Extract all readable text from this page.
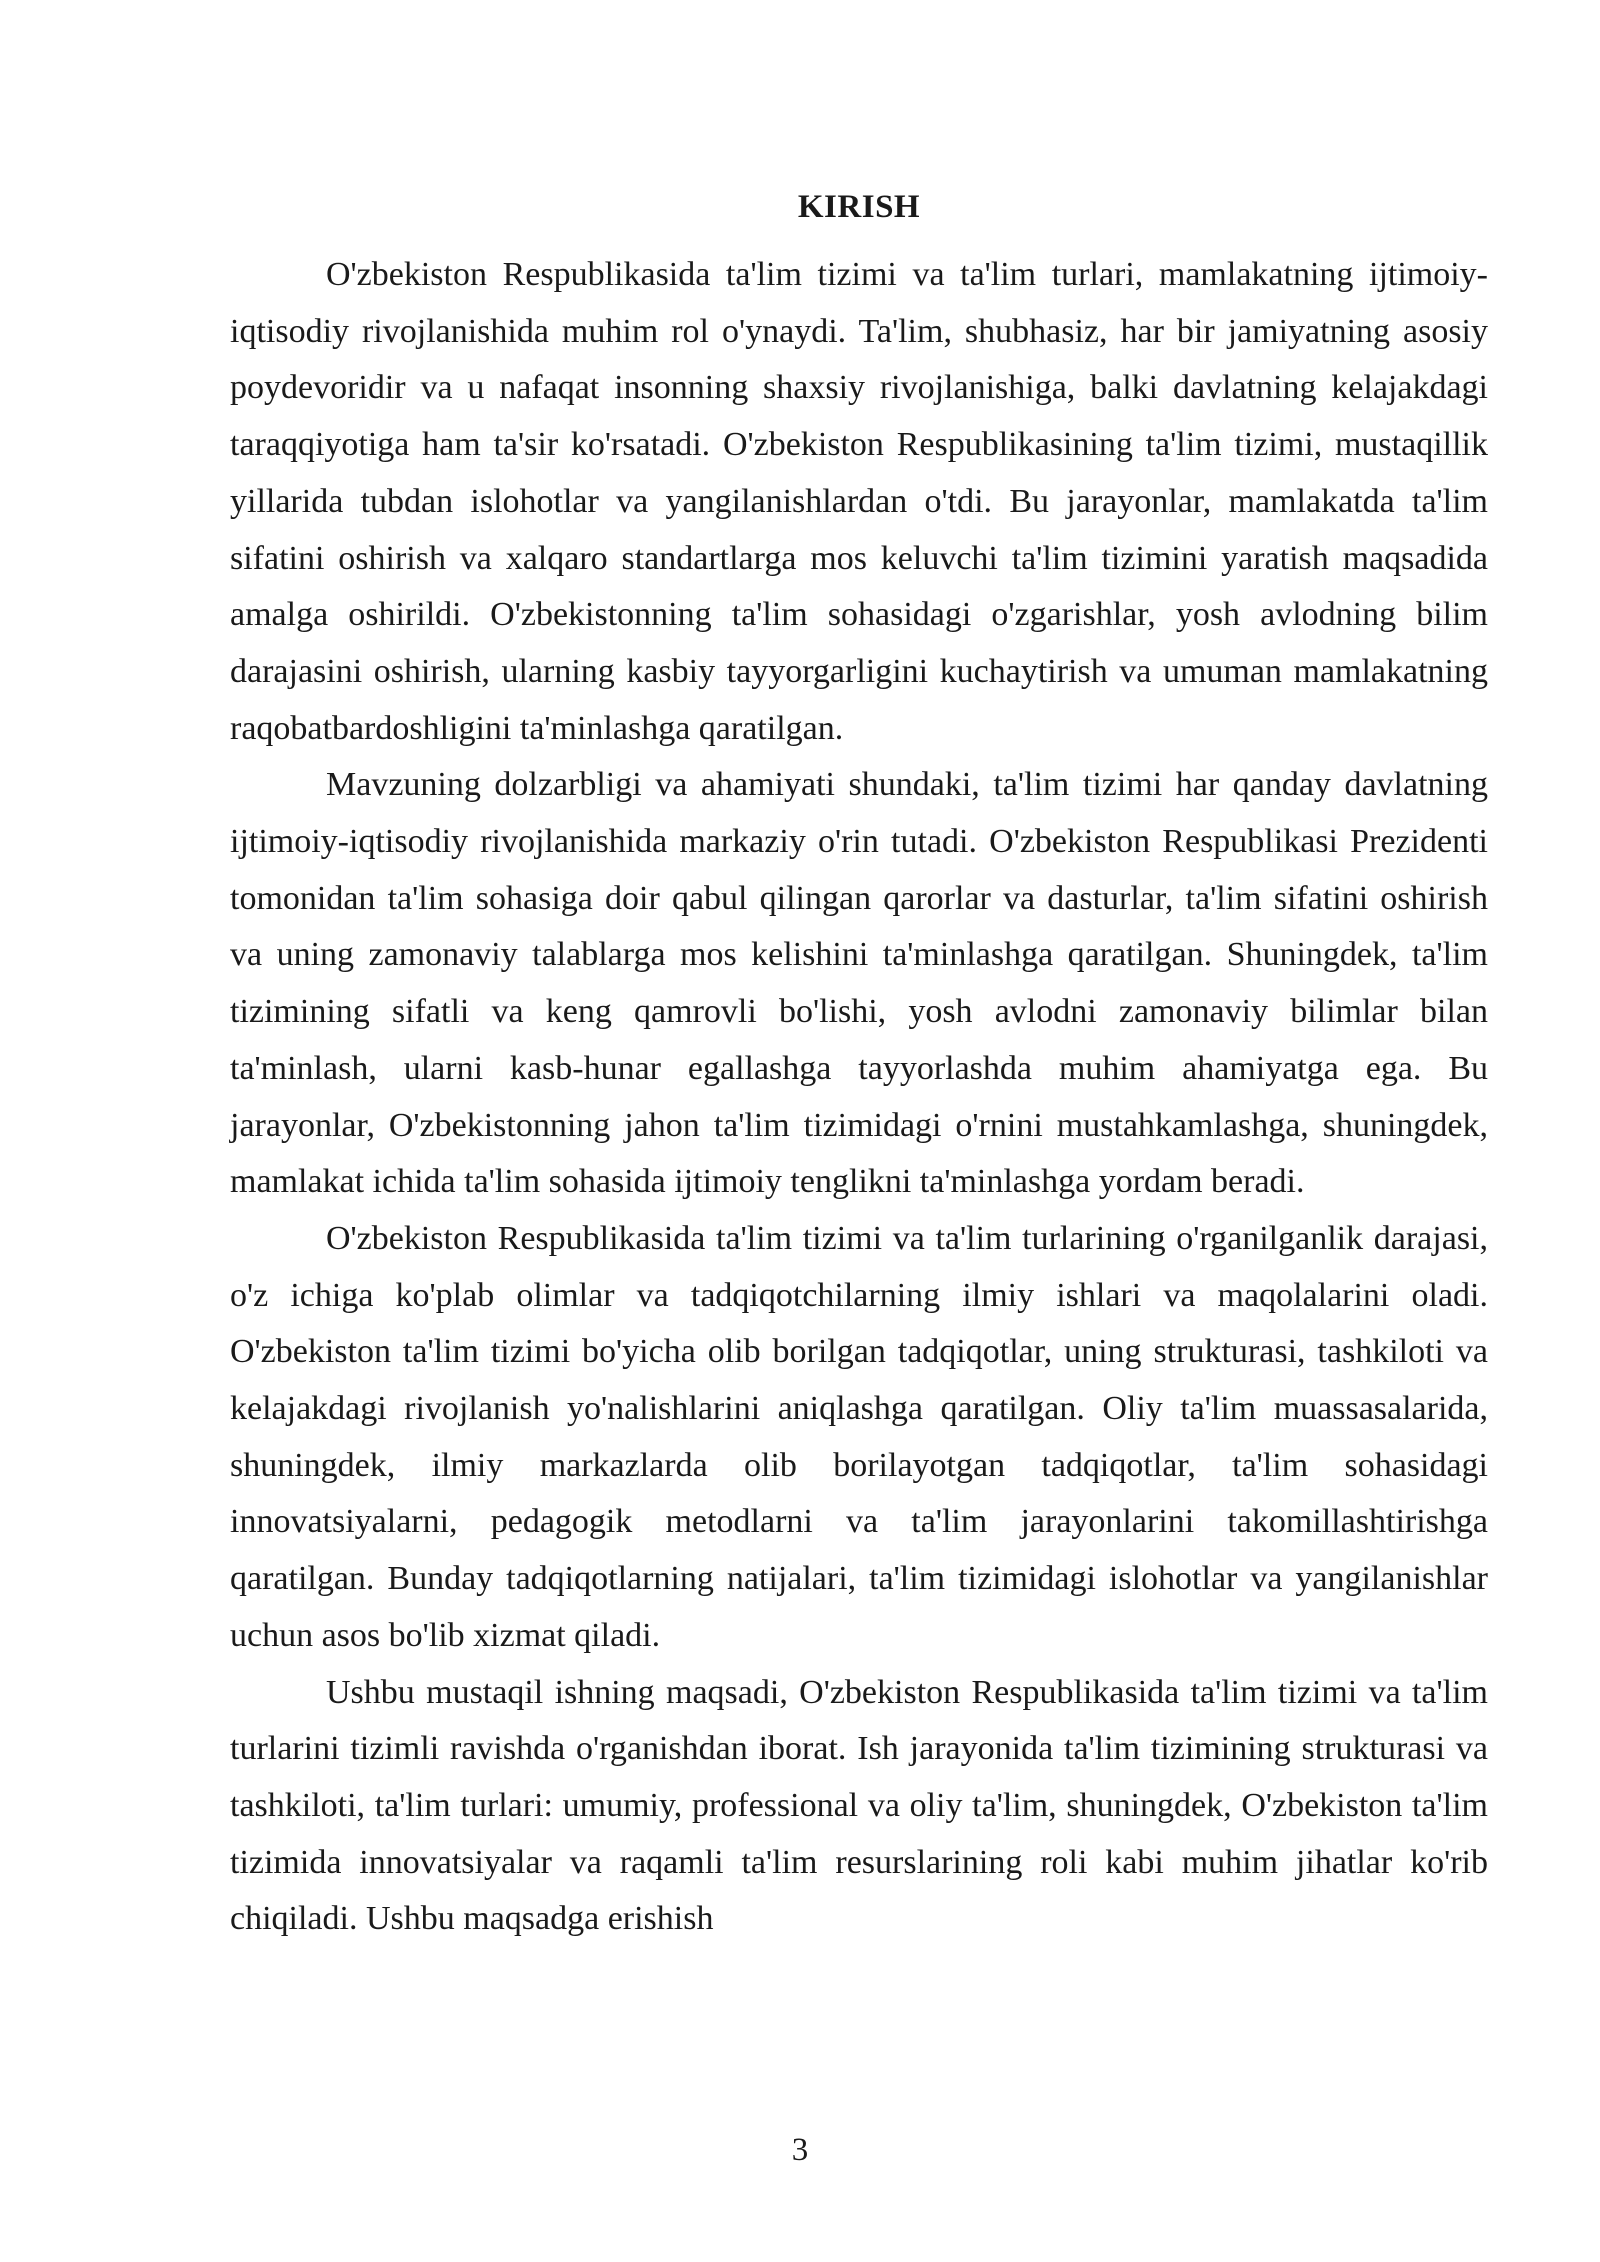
KIRISH

O'zbekiston Respublikasida ta'lim tizimi va ta'lim turlari, mamlakatning ijtimoiy-iqtisodiy rivojlanishida muhim rol o'ynaydi. Ta'lim, shubhasiz, har bir jamiyatning asosiy poydevoridir va u nafaqat insonning shaxsiy rivojlanishiga, balki davlatning kelajakdagi taraqqiyotiga ham ta'sir ko'rsatadi. O'zbekiston Respublikasining ta'lim tizimi, mustaqillik yillarida tubdan islohotlar va yangilanishlardan o'tdi. Bu jarayonlar, mamlakatda ta'lim sifatini oshirish va xalqaro standartlarga mos keluvchi ta'lim tizimini yaratish maqsadida amalga oshirildi. O'zbekistonning ta'lim sohasidagi o'zgarishlar, yosh avlodning bilim darajasini oshirish, ularning kasbiy tayyorgarligini kuchaytirish va umuman mamlakatning raqobatbardoshligini ta'minlashga qaratilgan.

Mavzuning dolzarbligi va ahamiyati shundaki, ta'lim tizimi har qanday davlatning ijtimoiy-iqtisodiy rivojlanishida markaziy o'rin tutadi. O'zbekiston Respublikasi Prezidenti tomonidan ta'lim sohasiga doir qabul qilingan qarorlar va dasturlar, ta'lim sifatini oshirish va uning zamonaviy talablarga mos kelishini ta'minlashga qaratilgan. Shuningdek, ta'lim tizimining sifatli va keng qamrovli bo'lishi, yosh avlodni zamonaviy bilimlar bilan ta'minlash, ularni kasb-hunar egallashga tayyorlashda muhim ahamiyatga ega. Bu jarayonlar, O'zbekistonning jahon ta'lim tizimidagi o'rnini mustahkamlashga, shuningdek, mamlakat ichida ta'lim sohasida ijtimoiy tenglikni ta'minlashga yordam beradi.

O'zbekiston Respublikasida ta'lim tizimi va ta'lim turlarining o'rganilganlik darajasi, o'z ichiga ko'plab olimlar va tadqiqotchilarning ilmiy ishlari va maqolalarini oladi. O'zbekiston ta'lim tizimi bo'yicha olib borilgan tadqiqotlar, uning strukturasi, tashkiloti va kelajakdagi rivojlanish yo'nalishlarini aniqlashga qaratilgan. Oliy ta'lim muassasalarida, shuningdek, ilmiy markazlarda olib borilayotgan tadqiqotlar, ta'lim sohasidagi innovatsiyalarni, pedagogik metodlarni va ta'lim jarayonlarini takomillashtirishga qaratilgan. Bunday tadqiqotlarning natijalari, ta'lim tizimidagi islohotlar va yangilanishlar uchun asos bo'lib xizmat qiladi.

Ushbu mustaqil ishning maqsadi, O'zbekiston Respublikasida ta'lim tizimi va ta'lim turlarini tizimli ravishda o'rganishdan iborat. Ish jarayonida ta'lim tizimining strukturasi va tashkiloti, ta'lim turlari: umumiy, professional va oliy ta'lim, shuningdek, O'zbekiston ta'lim tizimida innovatsiyalar va raqamli ta'lim resurslarining roli kabi muhim jihatlar ko'rib chiqiladi. Ushbu maqsadga erishish

3
